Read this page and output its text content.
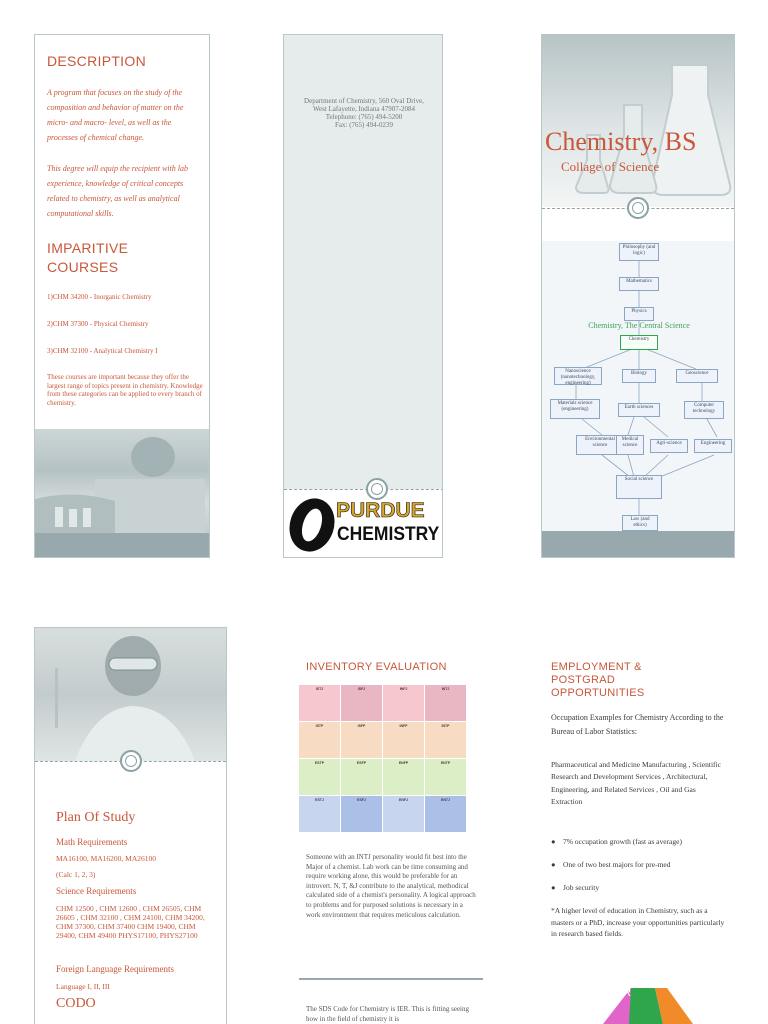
DESCRIPTION

A program that focuses on the study of the composition and behavior of matter on the micro- and macro- level, as well as the processes of chemical change.

This degree will equip the recipient with lab experience, knowledge of critical concepts related to chemistry, as well as analytical computational skills.

IMPARITIVE COURSES

1)CHM 34200 - Inorganic Chemistry

2)CHM 37300 - Physical Chemistry

3)CHM 32100 - Analytical Chemistry I

These courses are important because they offer the largest range of topics present in chemistry. Knowledge from these categories can be applied to every branch of chemistry.

Department of Chemistry, 560 Oval Drive,
West Lafayette, Indiana 47907-2084
Telephone: (765) 494-5200
Fax: (765) 494-0239
PURDUE
CHEMISTRY
Chemistry, BS
Collage of Science
Philosophy (and logic)
Mathematics
Physics
Chemistry, The Central Science
Chemistry
Nanoscience (nanotechnology, engineering)
Biology	Geoscience
Materials science (engineering)	Earth sciences	Computer technology
Environmental science
Medical science	Agri-science	Engineering
Social science
Law (and ethics)
Plan Of Study
Math Requirements
MA16100, MA16200, MA26100
(Calc 1, 2, 3)
Science Requirements
CHM 12500 , CHM 12600 , CHM 26505, CHM 26605 , CHM 32100 , CHM 24100, CHM 34200, CHM 37300, CHM 37400 CHM 19400, CHM 29400, CHM 49400 PHYS17100, PHYS27100
Foreign Language Requirements
Language I, II, III
CODO
INVENTORY EVALUATION
ISTJ	ISFJ	INFJ	INTJ
ISTP	ISFP	INFP	INTP
ESTP	ESFP	ENFP	ENTP
ESTJ	ESFJ	ENFJ	ENTJ

Someone with an INTJ personality would fit best into the Major of a chemist. Lab work can be time consuming and require working alone, this would be preferable for an introvert. N, T, &J contribute to the analytical, methodical calculated side of a chemist's personality. A logical approach to problems and for purposed solutions is necessary in a work environment that requires meticulous calculation.

The SDS Code for Chemistry is IER. This is fitting seeing how in the field of chemistry it is

EMPLOYMENT & POSTGRAD OPPORTUNITIES

Occupation Examples for Chemistry According to the Bureau of Labor Statistics:

Pharmaceutical and Medicine Manufacturing , Scientific Research and Development Services , Architectural, Engineering, and Related Services , Oil and Gas Extraction

● 7% occupation growth (fast as average)
● One of two best majors for pre-med
● Job security

*A higher level of education in Chemistry, such as a masters or a PhD, increase your opportunities particularly in research based fields.

R
